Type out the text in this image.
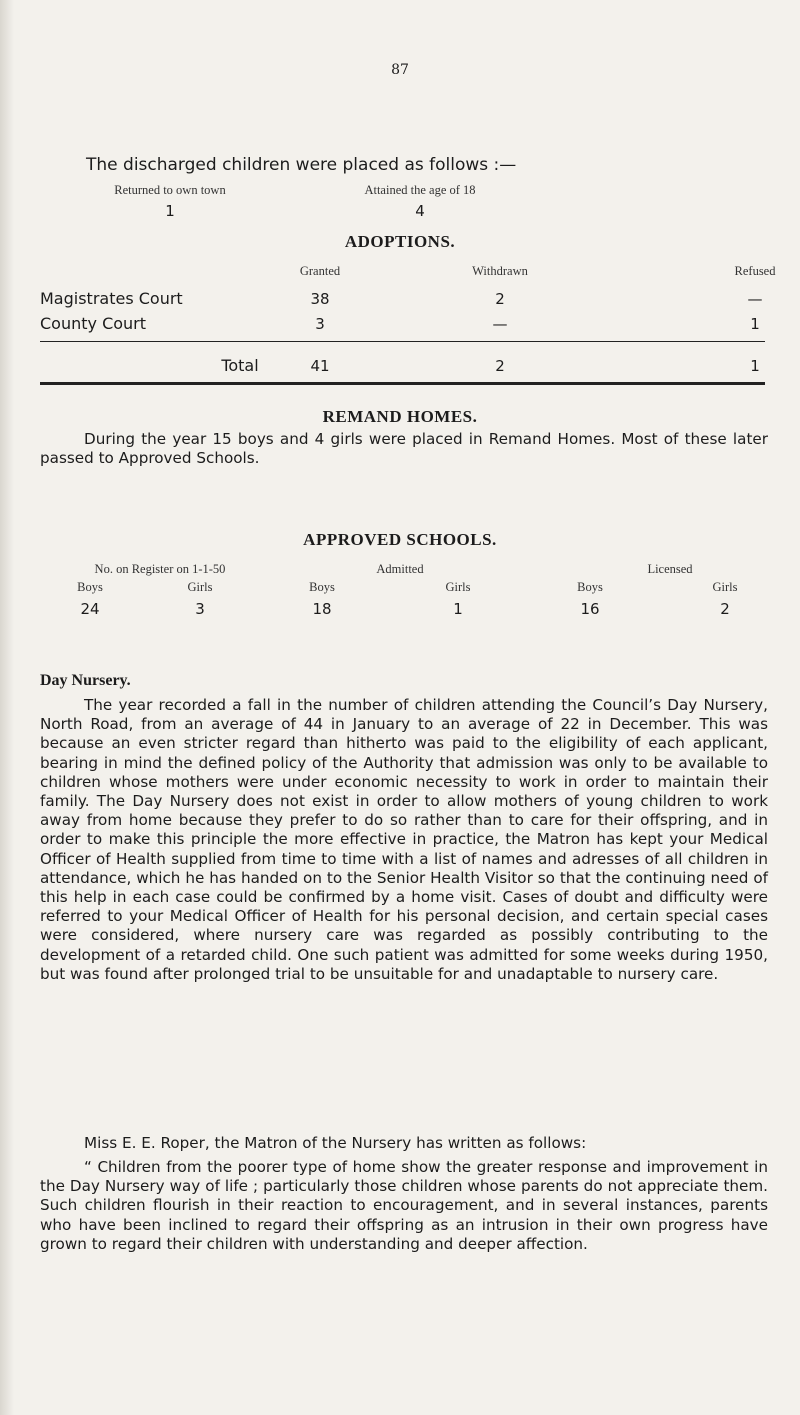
87
The discharged children were placed as follows :—
Returned to own town	Attained the age of 18
1	4
ADOPTIONS.
Granted	Withdrawn	Refused
Magistrates Court	38	2	—
County Court	3	—	1
Total	41	2	1
REMAND HOMES.

During the year 15 boys and 4 girls were placed in Remand Homes. Most of these later passed to Approved Schools.

APPROVED SCHOOLS.
No. on Register on 1-1-50	Admitted	Licensed
Boys	Girls	Boys	Girls	Boys	Girls
24	3	18	1	16	2
Day Nursery.

The year recorded a fall in the number of children attending the Council’s Day Nursery, North Road, from an average of 44 in January to an average of 22 in December. This was because an even stricter regard than hitherto was paid to the eligibility of each applicant, bearing in mind the defined policy of the Authority that admission was only to be available to children whose mothers were under economic necessity to work in order to maintain their family. The Day Nursery does not exist in order to allow mothers of young children to work away from home because they prefer to do so rather than to care for their offspring, and in order to make this principle the more effective in practice, the Matron has kept your Medical Officer of Health supplied from time to time with a list of names and adresses of all children in attendance, which he has handed on to the Senior Health Visitor so that the continuing need of this help in each case could be confirmed by a home visit. Cases of doubt and difficulty were referred to your Medical Officer of Health for his personal decision, and certain special cases were considered, where nursery care was regarded as possibly contributing to the development of a retarded child. One such patient was admitted for some weeks during 1950, but was found after prolonged trial to be unsuitable for and unadaptable to nursery care.

Miss E. E. Roper, the Matron of the Nursery has written as follows:

“ Children from the poorer type of home show the greater response and improvement in the Day Nursery way of life ; particularly those children whose parents do not appreciate them. Such children flourish in their reaction to encouragement, and in several instances, parents who have been inclined to regard their offspring as an intrusion in their own progress have grown to regard their children with understanding and deeper affection.
